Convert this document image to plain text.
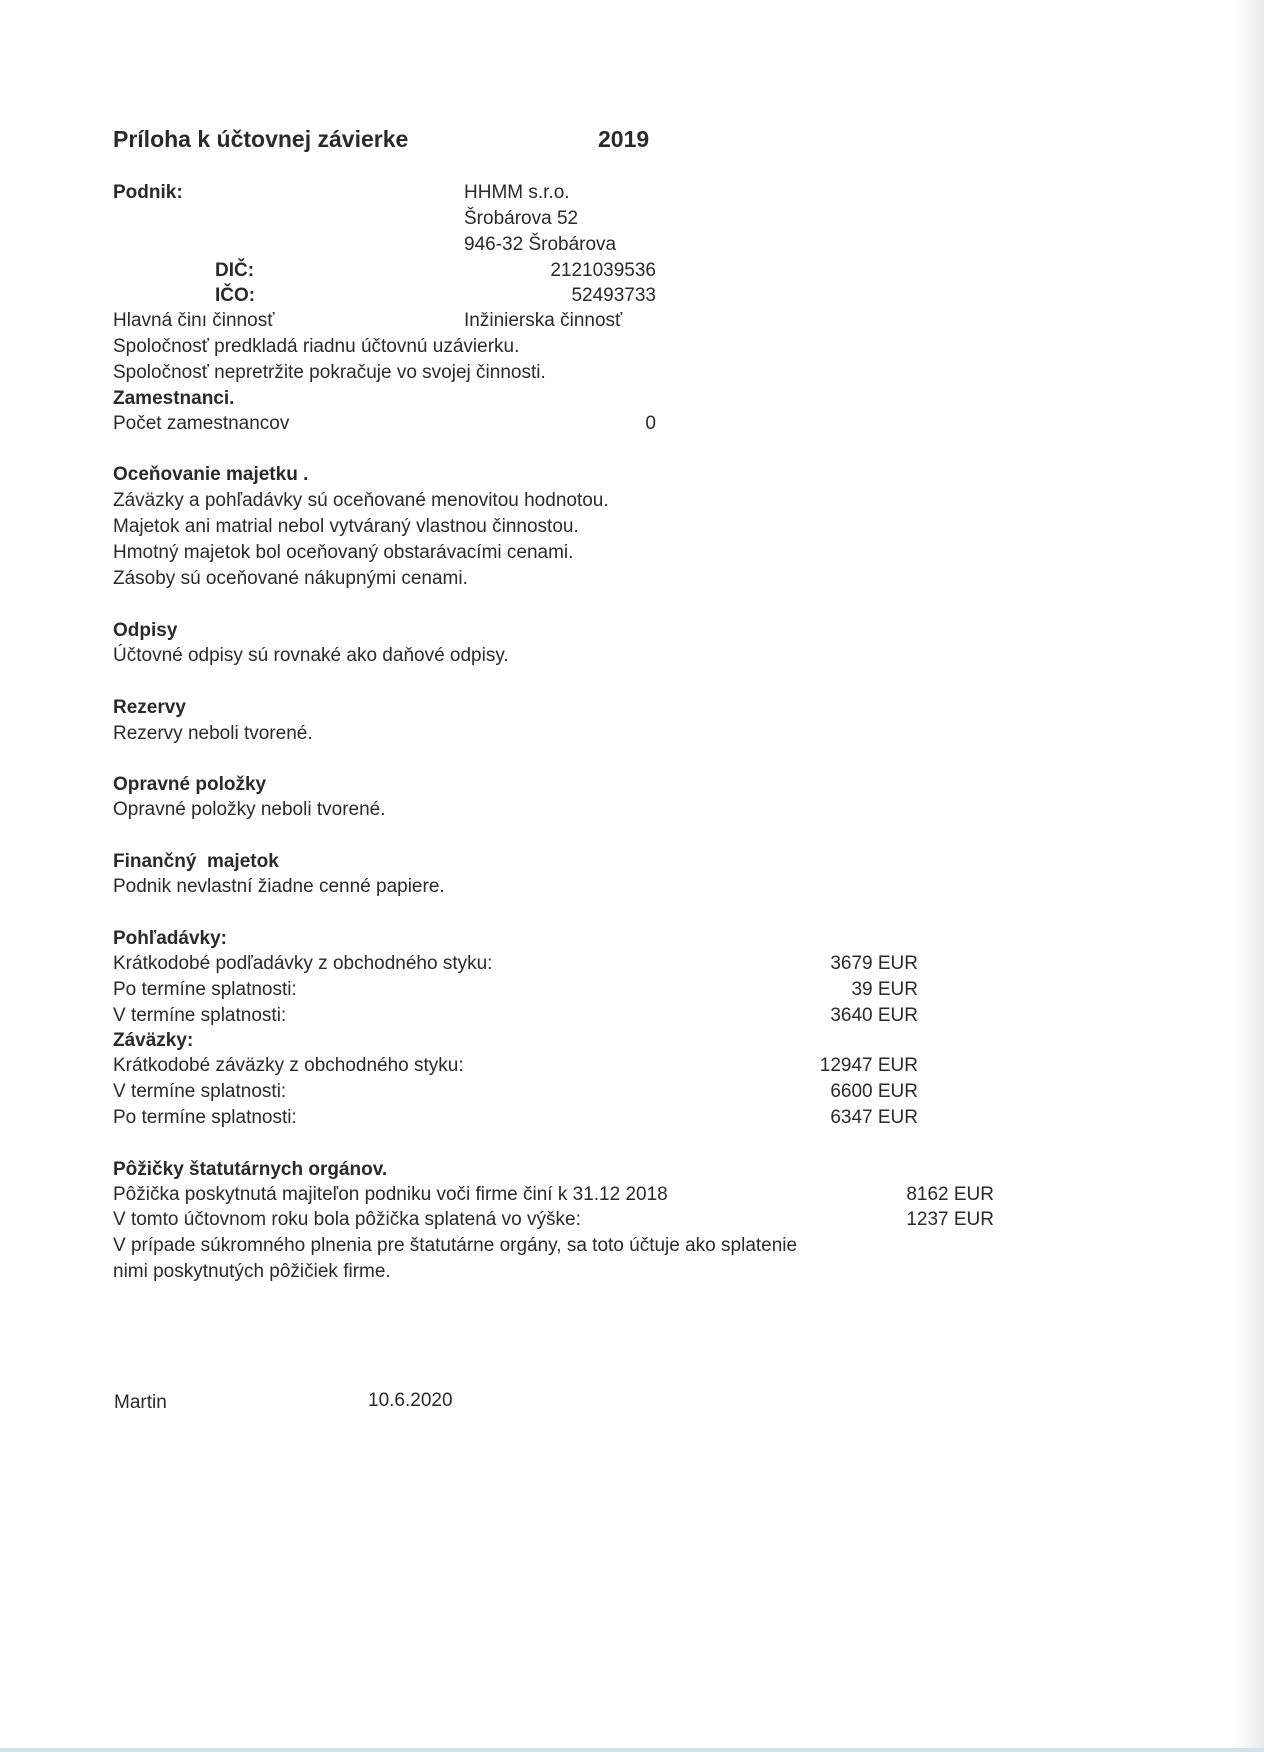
Príloha k účtovnej závierke	2019
Podnik:	HHMM s.r.o.
Šrobárova 52
946-32 Šrobárova
DIČ:	2121039536
IČO:	52493733
Hlavná činı činnosť	Inžinierska činnosť
Spoločnosť predkladá riadnu účtovnú uzávierku.
Spoločnosť nepretržite pokračuje vo svojej činnosti.
Zamestnanci.
Počet zamestnancov	0
Oceňovanie majetku .
Záväzky a pohľadávky sú oceňované menovitou hodnotou.
Majetok ani matrial nebol vytváraný vlastnou činnostou.
Hmotný majetok bol oceňovaný obstarávacími cenami.
Zásoby sú oceňované nákupnými cenami.
Odpisy
Účtovné odpisy sú rovnaké ako daňové odpisy.
Rezervy
Rezervy neboli tvorené.
Opravné položky
Opravné položky neboli tvorené.
Finančný  majetok
Podnik nevlastní žiadne cenné papiere.
Pohľadávky:
Krátkodobé podľadávky z obchodného styku:	3679 EUR
Po termíne splatnosti:	39 EUR
V termíne splatnosti:	3640 EUR
Záväzky:
Krátkodobé záväzky z obchodného styku:	12947 EUR
V termíne splatnosti:	6600 EUR
Po termíne splatnosti:	6347 EUR
Pôžičky štatutárnych orgánov.
Pôžička poskytnutá majiteľon podniku voči firme činí k 31.12 2018	8162 EUR
V tomto účtovnom roku bola pôžička splatená vo výške:	1237 EUR
V prípade súkromného plnenia pre štatutárne orgány, sa toto účtuje ako splatenie
nimi poskytnutých pôžičiek firme.
Martin	10.6.2020
